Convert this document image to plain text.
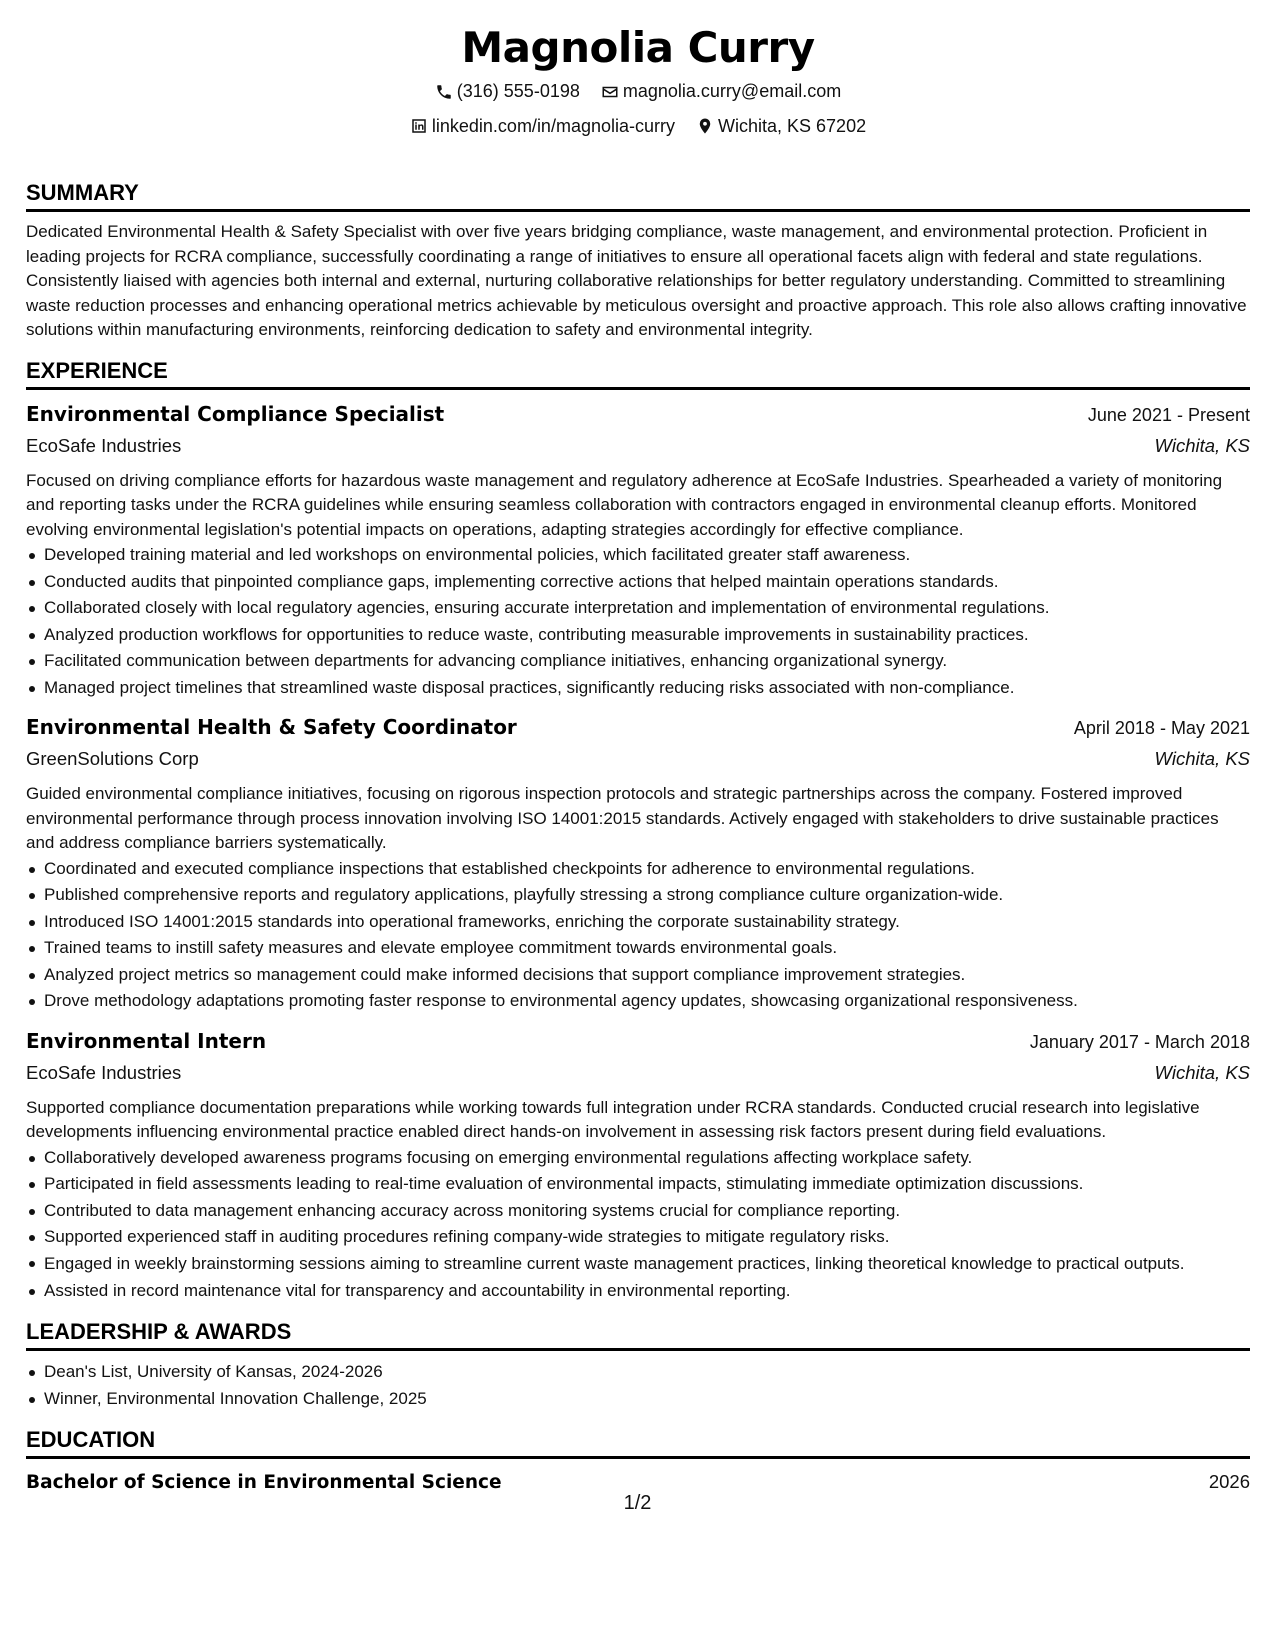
Magnolia Curry
(316) 555-0198
magnolia.curry@email.com
linkedin.com/in/magnolia-curry
Wichita, KS 67202
SUMMARY

Dedicated Environmental Health & Safety Specialist with over five years bridging compliance, waste management, and environmental protection. Proficient in leading projects for RCRA compliance, successfully coordinating a range of initiatives to ensure all operational facets align with federal and state regulations. Consistently liaised with agencies both internal and external, nurturing collaborative relationships for better regulatory understanding. Committed to streamlining waste reduction processes and enhancing operational metrics achievable by meticulous oversight and proactive approach. This role also allows crafting innovative solutions within manufacturing environments, reinforcing dedication to safety and environmental integrity.

EXPERIENCE
Environmental Compliance Specialist	June 2021 - Present
EcoSafe Industries	Wichita, KS

Focused on driving compliance efforts for hazardous waste management and regulatory adherence at EcoSafe Industries. Spearheaded a variety of monitoring and reporting tasks under the RCRA guidelines while ensuring seamless collaboration with contractors engaged in environmental cleanup efforts. Monitored evolving environmental legislation's potential impacts on operations, adapting strategies accordingly for effective compliance.

Developed training material and led workshops on environmental policies, which facilitated greater staff awareness.
Conducted audits that pinpointed compliance gaps, implementing corrective actions that helped maintain operations standards.
Collaborated closely with local regulatory agencies, ensuring accurate interpretation and implementation of environmental regulations.
Analyzed production workflows for opportunities to reduce waste, contributing measurable improvements in sustainability practices.
Facilitated communication between departments for advancing compliance initiatives, enhancing organizational synergy.
Managed project timelines that streamlined waste disposal practices, significantly reducing risks associated with non-compliance.
Environmental Health & Safety Coordinator	April 2018 - May 2021
GreenSolutions Corp	Wichita, KS

Guided environmental compliance initiatives, focusing on rigorous inspection protocols and strategic partnerships across the company. Fostered improved environmental performance through process innovation involving ISO 14001:2015 standards. Actively engaged with stakeholders to drive sustainable practices and address compliance barriers systematically.

Coordinated and executed compliance inspections that established checkpoints for adherence to environmental regulations.
Published comprehensive reports and regulatory applications, playfully stressing a strong compliance culture organization-wide.
Introduced ISO 14001:2015 standards into operational frameworks, enriching the corporate sustainability strategy.
Trained teams to instill safety measures and elevate employee commitment towards environmental goals.
Analyzed project metrics so management could make informed decisions that support compliance improvement strategies.
Drove methodology adaptations promoting faster response to environmental agency updates, showcasing organizational responsiveness.
Environmental Intern	January 2017 - March 2018
EcoSafe Industries	Wichita, KS

Supported compliance documentation preparations while working towards full integration under RCRA standards. Conducted crucial research into legislative developments influencing environmental practice enabled direct hands-on involvement in assessing risk factors present during field evaluations.

Collaboratively developed awareness programs focusing on emerging environmental regulations affecting workplace safety.
Participated in field assessments leading to real-time evaluation of environmental impacts, stimulating immediate optimization discussions.
Contributed to data management enhancing accuracy across monitoring systems crucial for compliance reporting.
Supported experienced staff in auditing procedures refining company-wide strategies to mitigate regulatory risks.
Engaged in weekly brainstorming sessions aiming to streamline current waste management practices, linking theoretical knowledge to practical outputs.
Assisted in record maintenance vital for transparency and accountability in environmental reporting.
LEADERSHIP & AWARDS
Dean's List, University of Kansas, 2024-2026
Winner, Environmental Innovation Challenge, 2025
EDUCATION
Bachelor of Science in Environmental Science	2026
1/2
